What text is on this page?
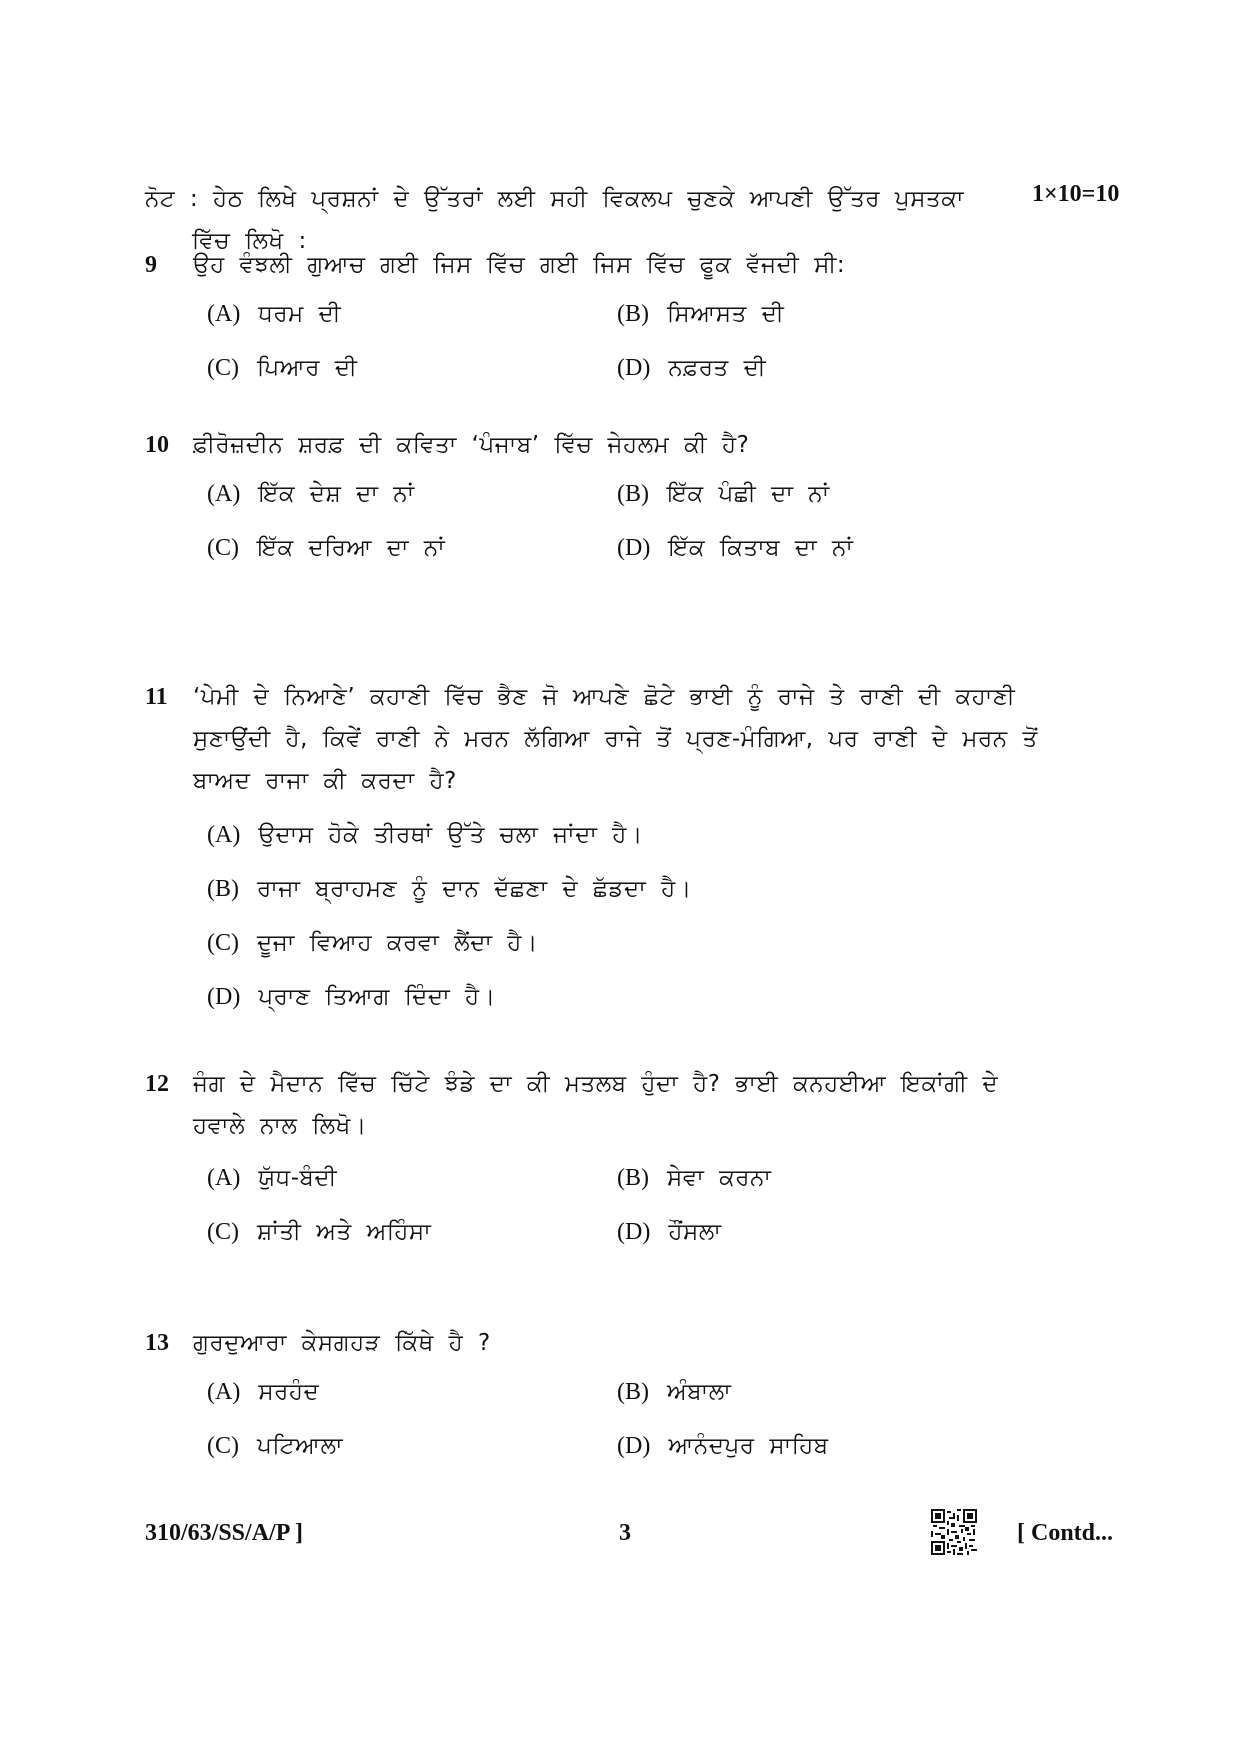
ਨੋਟ : ਹੇਠ ਲਿਖੇ ਪ੍ਰਸ਼ਨਾਂ ਦੇ ਉੱਤਰਾਂ ਲਈ ਸਹੀ ਵਿਕਲਪ ਚੁਣਕੇ ਆਪਣੀ ਉੱਤਰ ਪੁਸਤਕਾ
ਵਿੱਚ ਲਿਖੋ :
1×10=10
9 ਉਹ ਵੰਝਲੀ ਗੁਆਚ ਗਈ ਜਿਸ ਵਿੱਚ ਗਈ ਜਿਸ ਵਿੱਚ ਫੂਕ ਵੱਜਦੀ ਸੀ:
(A) ਧਰਮ ਦੀ	(B) ਸਿਆਸਤ ਦੀ
(C) ਪਿਆਰ ਦੀ	(D) ਨਫ਼ਰਤ ਦੀ
10 ਫ਼ੀਰੋਜ਼ਦੀਨ ਸ਼ਰਫ਼ ਦੀ ਕਵਿਤਾ ‘ਪੰਜਾਬ’ ਵਿੱਚ ਜੇਹਲਮ ਕੀ ਹੈ?
(A) ਇੱਕ ਦੇਸ਼ ਦਾ ਨਾਂ	(B) ਇੱਕ ਪੰਛੀ ਦਾ ਨਾਂ
(C) ਇੱਕ ਦਰਿਆ ਦਾ ਨਾਂ	(D) ਇੱਕ ਕਿਤਾਬ ਦਾ ਨਾਂ
11 ‘ਪੇਮੀ ਦੇ ਨਿਆਣੇ’ ਕਹਾਣੀ ਵਿੱਚ ਭੈਣ ਜੋ ਆਪਣੇ ਛੋਟੇ ਭਾਈ ਨੂੰ ਰਾਜੇ ਤੇ ਰਾਣੀ ਦੀ ਕਹਾਣੀ
ਸੁਣਾਉਂਦੀ ਹੈ, ਕਿਵੇਂ ਰਾਣੀ ਨੇ ਮਰਨ ਲੱਗਿਆ ਰਾਜੇ ਤੋਂ ਪ੍ਰਣ-ਮੰਗਿਆ, ਪਰ ਰਾਣੀ ਦੇ ਮਰਨ ਤੋਂ
ਬਾਅਦ ਰਾਜਾ ਕੀ ਕਰਦਾ ਹੈ?
(A) ਉਦਾਸ ਹੋਕੇ ਤੀਰਥਾਂ ਉੱਤੇ ਚਲਾ ਜਾਂਦਾ ਹੈ।
(B) ਰਾਜਾ ਬ੍ਰਾਹਮਣ ਨੂੰ ਦਾਨ ਦੱਛਣਾ ਦੇ ਛੱਡਦਾ ਹੈ।
(C) ਦੂਜਾ ਵਿਆਹ ਕਰਵਾ ਲੈਂਦਾ ਹੈ।
(D) ਪ੍ਰਾਣ ਤਿਆਗ ਦਿੰਦਾ ਹੈ।
12 ਜੰਗ ਦੇ ਮੈਦਾਨ ਵਿੱਚ ਚਿੱਟੇ ਝੰਡੇ ਦਾ ਕੀ ਮਤਲਬ ਹੁੰਦਾ ਹੈ? ਭਾਈ ਕਨਹਈਆ ਇਕਾਂਗੀ ਦੇ
ਹਵਾਲੇ ਨਾਲ ਲਿਖੋ।
(A) ਯੁੱਧ-ਬੰਦੀ	(B) ਸੇਵਾ ਕਰਨਾ
(C) ਸ਼ਾਂਤੀ ਅਤੇ ਅਹਿੰਸਾ	(D) ਹੌਂਸਲਾ
13 ਗੁਰਦੁਆਰਾ ਕੇਸਗਹੜ ਕਿੱਥੇ ਹੈ ?
(A) ਸਰਹੰਦ	(B) ਅੰਬਾਲਾ
(C) ਪਟਿਆਲਾ	(D) ਆਨੰਦਪੁਰ ਸਾਹਿਬ
310/63/SS/A/P ]	3	[ Contd...
